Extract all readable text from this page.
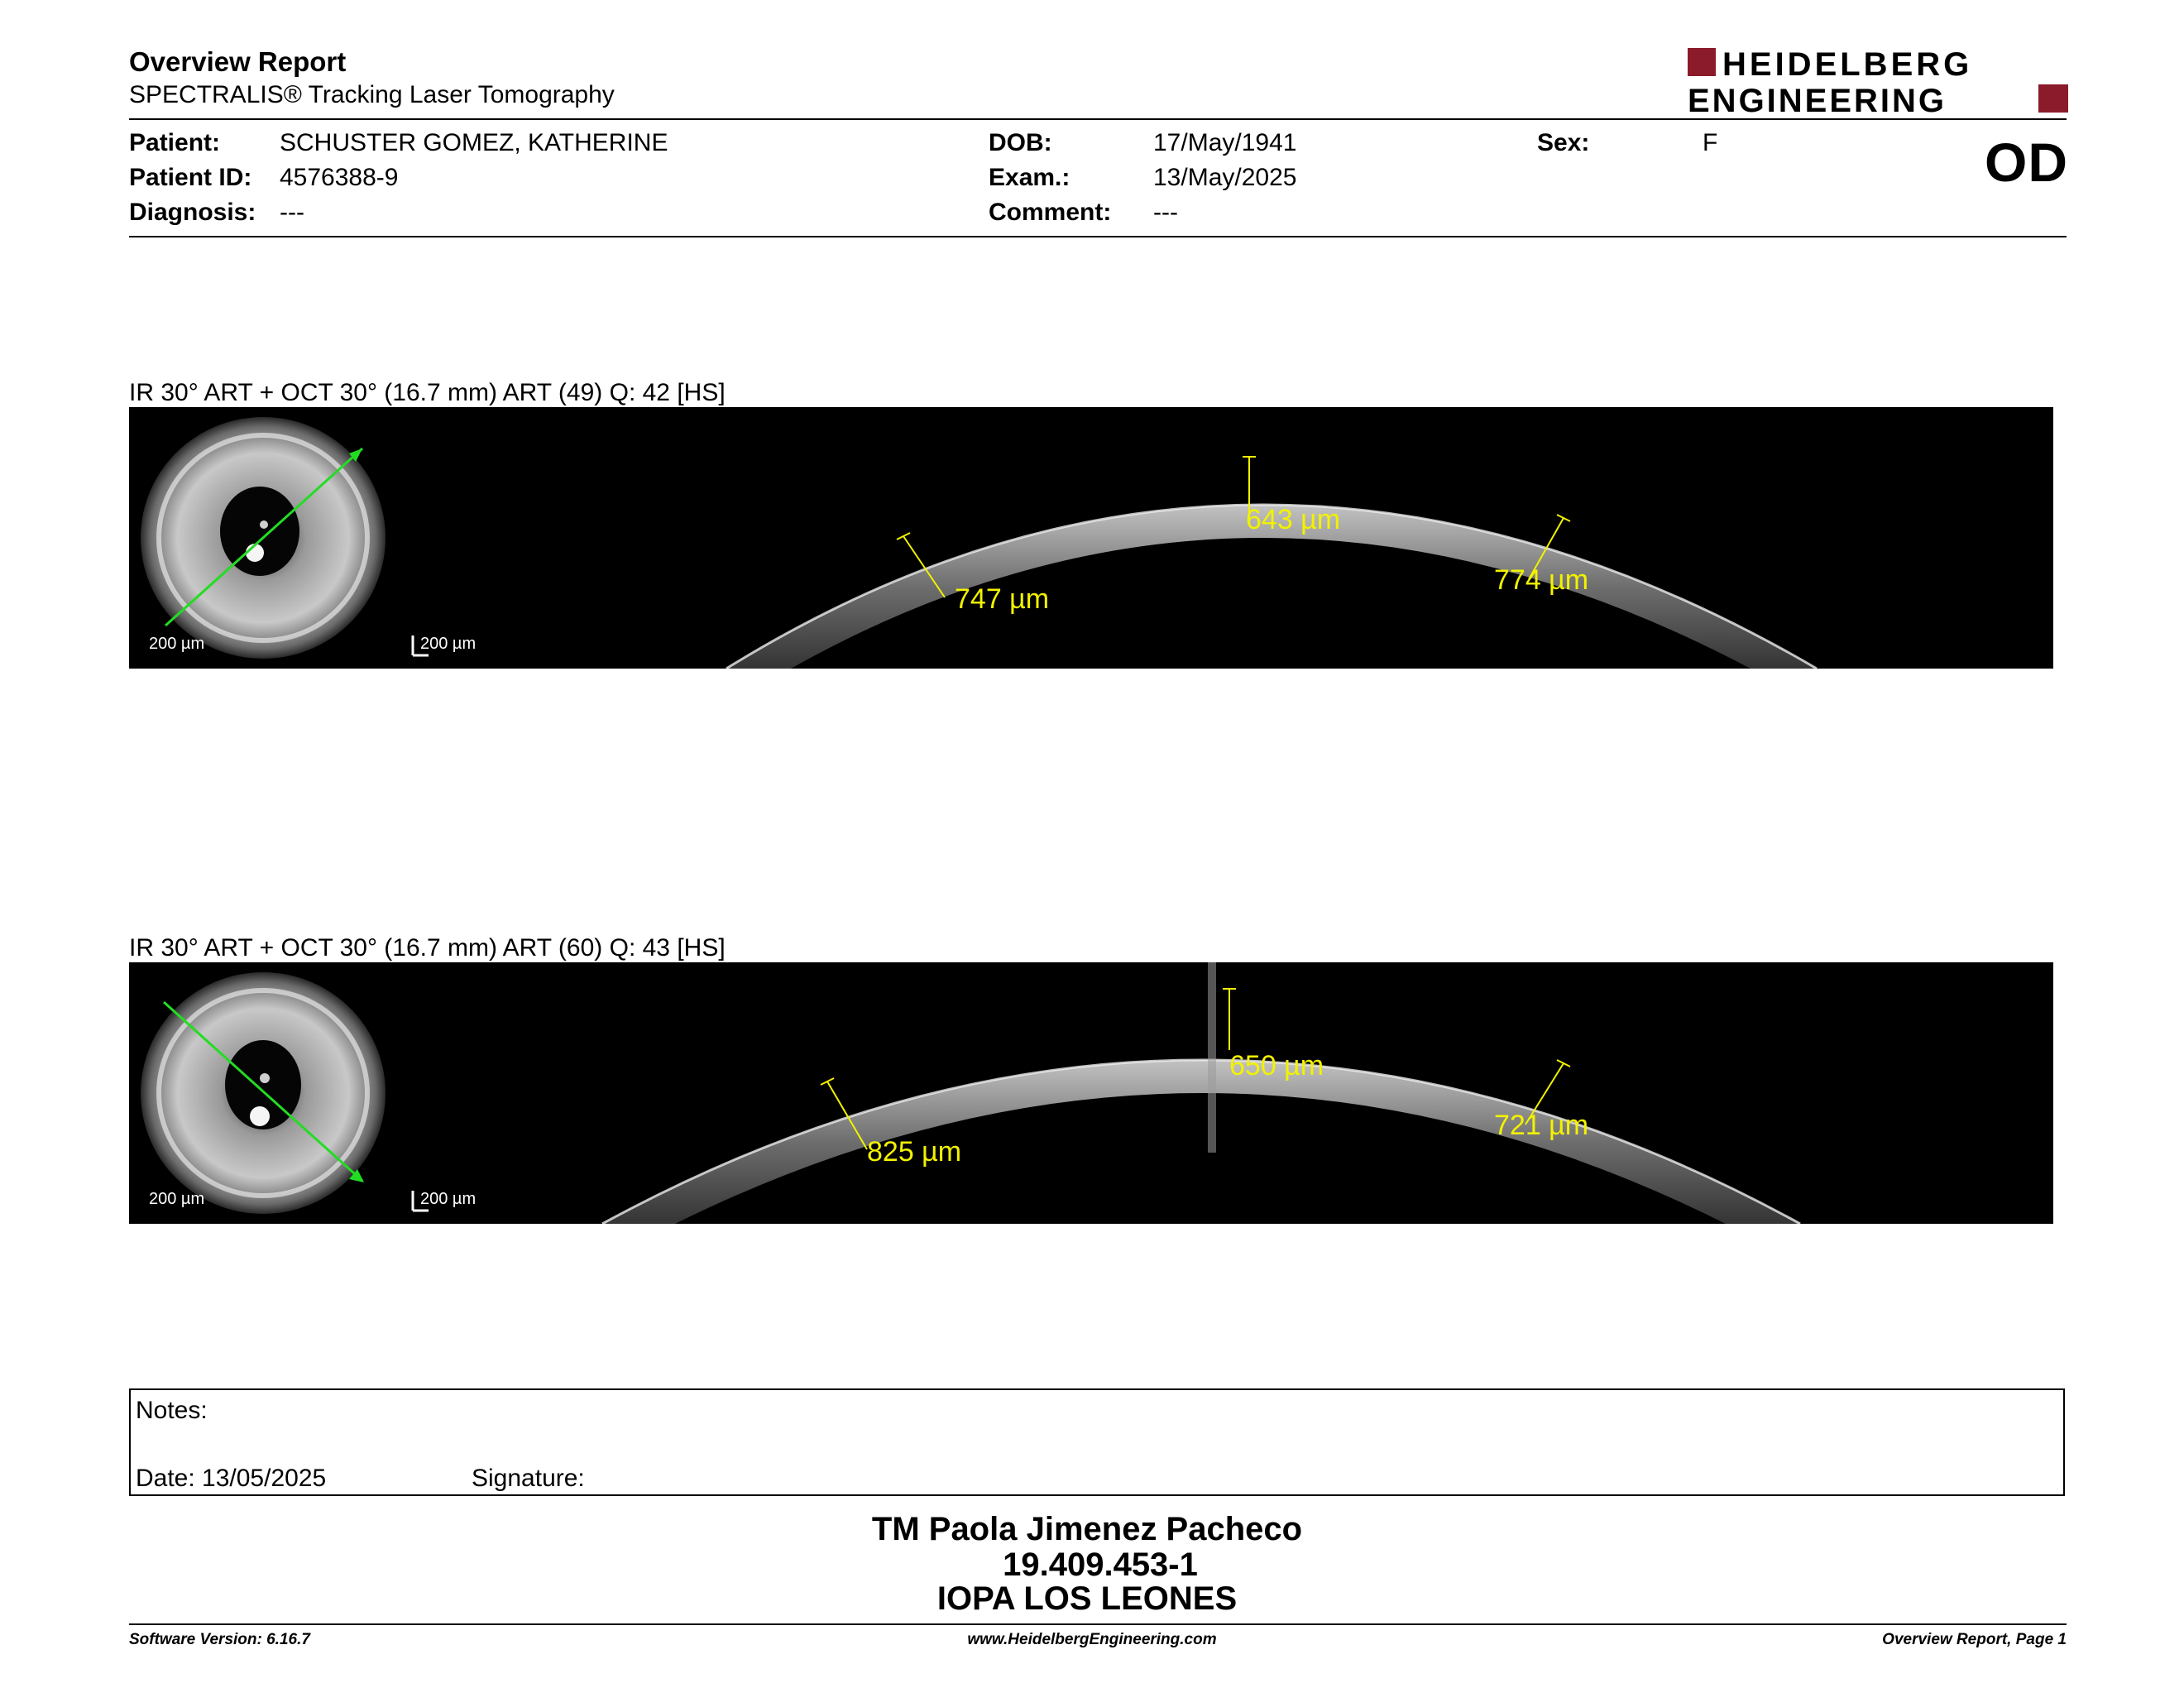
Overview Report
SPECTRALIS® Tracking Laser Tomography
HEIDELBERG
ENGINEERING
Patient: SCHUSTER GOMEZ, KATHERINE
Patient ID: 4576388-9
Diagnosis: ---
DOB:	17/May/1941
Exam.:	13/May/2025
Comment: ---
Sex:	F	OD
IR 30° ART + OCT 30° (16.7 mm) ART (49) Q: 42 [HS]
200 µm	200 µm
747 µm
643 µm
774 µm
IR 30° ART + OCT 30° (16.7 mm) ART (60) Q: 43 [HS]
200 µm	200 µm
825 µm
650 µm
721 µm
Notes:
Date: 13/05/2025	Signature:
TM Paola Jimenez Pacheco
19.409.453-1
IOPA LOS LEONES
Software Version: 6.16.7	www.HeidelbergEngineering.com	Overview Report, Page 1
